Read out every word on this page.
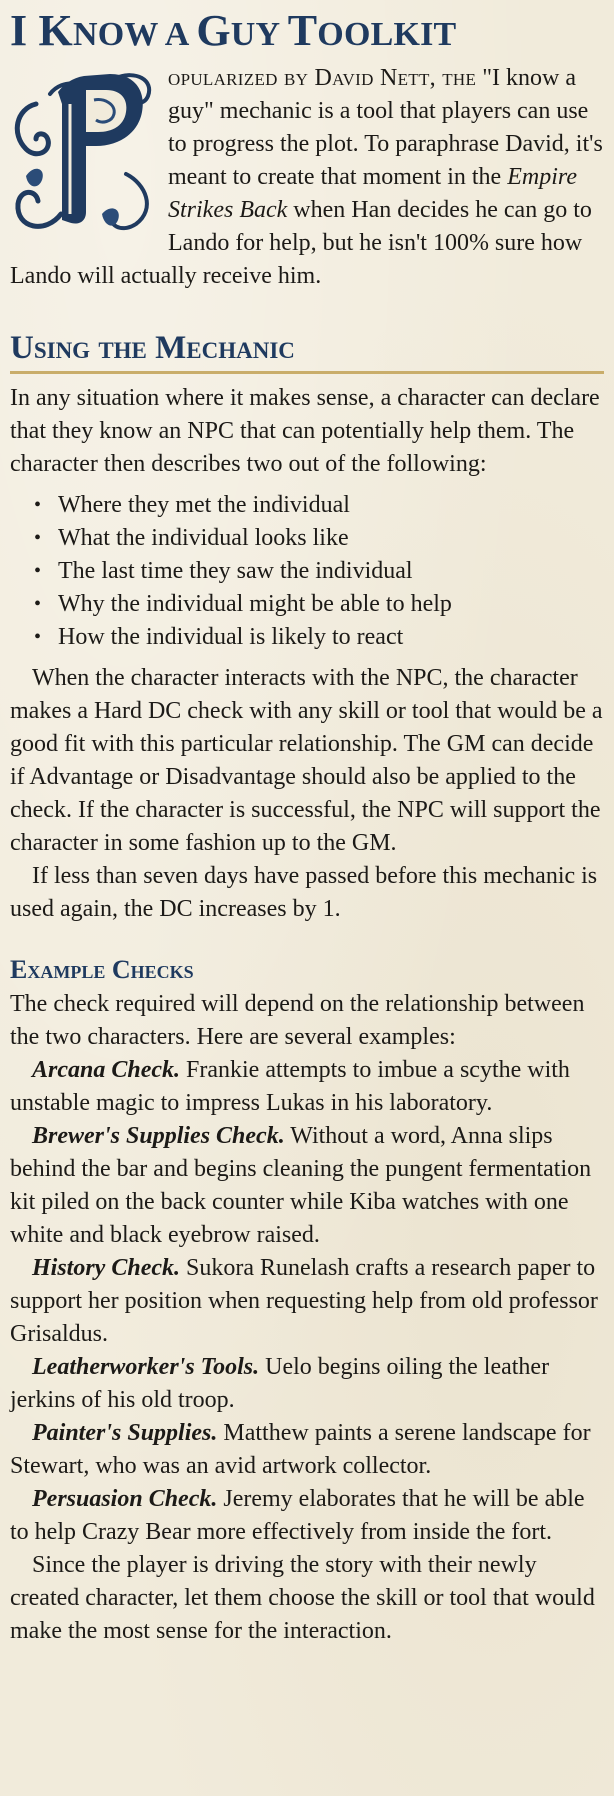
I KNOW A GUY TOOLKIT
opularized by David Nett, the "I know a guy" mechanic is a tool that players can use to progress the plot. To paraphrase David, it's meant to create that moment in the Empire Strikes Back when Han decides he can go to Lando for help, but he isn't 100% sure how Lando will actually receive him.
Using the Mechanic

In any situation where it makes sense, a character can declare that they know an NPC that can potentially help them. The character then describes two out of the following:

• Where they met the individual
• What the individual looks like
• The last time they saw the individual
• Why the individual might be able to help
• How the individual is likely to react

When the character interacts with the NPC, the character makes a Hard DC check with any skill or tool that would be a good fit with this particular relationship. The GM can decide if Advantage or Disadvantage should also be applied to the check. If the character is successful, the NPC will support the character in some fashion up to the GM.

If less than seven days have passed before this mechanic is used again, the DC increases by 1.

Example Checks

The check required will depend on the relationship between the two characters. Here are several examples:

Arcana Check. Frankie attempts to imbue a scythe with unstable magic to impress Lukas in his laboratory.

Brewer's Supplies Check. Without a word, Anna slips behind the bar and begins cleaning the pungent fermentation kit piled on the back counter while Kiba watches with one white and black eyebrow raised.

History Check. Sukora Runelash crafts a research paper to support her position when requesting help from old professor Grisaldus.

Leatherworker's Tools. Uelo begins oiling the leather jerkins of his old troop.

Painter's Supplies. Matthew paints a serene landscape for Stewart, who was an avid artwork collector.

Persuasion Check. Jeremy elaborates that he will be able to help Crazy Bear more effectively from inside the fort.

Since the player is driving the story with their newly created character, let them choose the skill or tool that would make the most sense for the interaction.
